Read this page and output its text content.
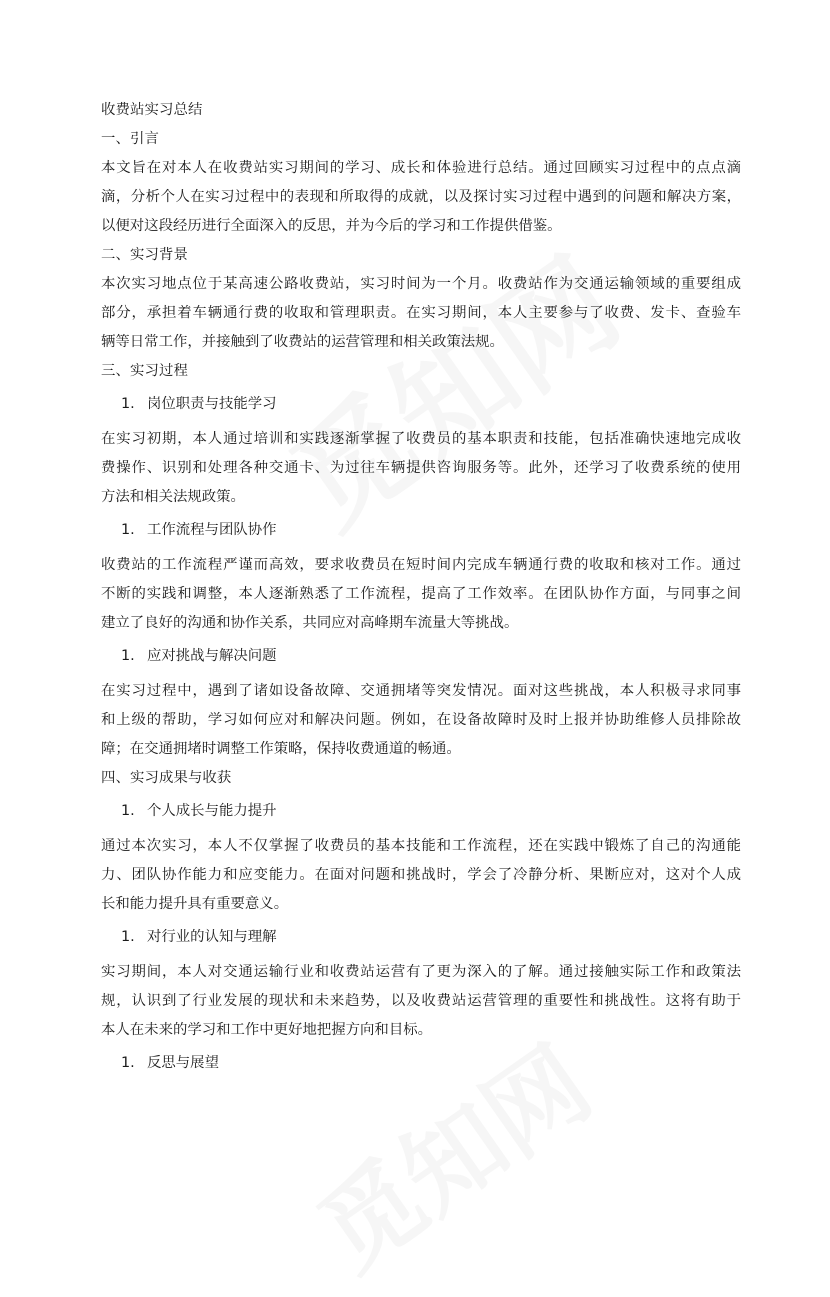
收费站实习总结
一、引言
本文旨在对本人在收费站实习期间的学习、成长和体验进行总结。通过回顾实习过程中的点点滴
滴，分析个人在实习过程中的表现和所取得的成就，以及探讨实习过程中遇到的问题和解决方案，
以便对这段经历进行全面深入的反思，并为今后的学习和工作提供借鉴。
二、实习背景
本次实习地点位于某高速公路收费站，实习时间为一个月。收费站作为交通运输领域的重要组成
部分，承担着车辆通行费的收取和管理职责。在实习期间，本人主要参与了收费、发卡、查验车
辆等日常工作，并接触到了收费站的运营管理和相关政策法规。
三、实习过程
1. 岗位职责与技能学习
在实习初期，本人通过培训和实践逐渐掌握了收费员的基本职责和技能，包括准确快速地完成收
费操作、识别和处理各种交通卡、为过往车辆提供咨询服务等。此外，还学习了收费系统的使用
方法和相关法规政策。
1. 工作流程与团队协作
收费站的工作流程严谨而高效，要求收费员在短时间内完成车辆通行费的收取和核对工作。通过
不断的实践和调整，本人逐渐熟悉了工作流程，提高了工作效率。在团队协作方面，与同事之间
建立了良好的沟通和协作关系，共同应对高峰期车流量大等挑战。
1. 应对挑战与解决问题
在实习过程中，遇到了诸如设备故障、交通拥堵等突发情况。面对这些挑战，本人积极寻求同事
和上级的帮助，学习如何应对和解决问题。例如，在设备故障时及时上报并协助维修人员排除故
障；在交通拥堵时调整工作策略，保持收费通道的畅通。
四、实习成果与收获
1. 个人成长与能力提升
通过本次实习，本人不仅掌握了收费员的基本技能和工作流程，还在实践中锻炼了自己的沟通能
力、团队协作能力和应变能力。在面对问题和挑战时，学会了冷静分析、果断应对，这对个人成
长和能力提升具有重要意义。
1. 对行业的认知与理解
实习期间，本人对交通运输行业和收费站运营有了更为深入的了解。通过接触实际工作和政策法
规，认识到了行业发展的现状和未来趋势，以及收费站运营管理的重要性和挑战性。这将有助于
本人在未来的学习和工作中更好地把握方向和目标。
1. 反思与展望
